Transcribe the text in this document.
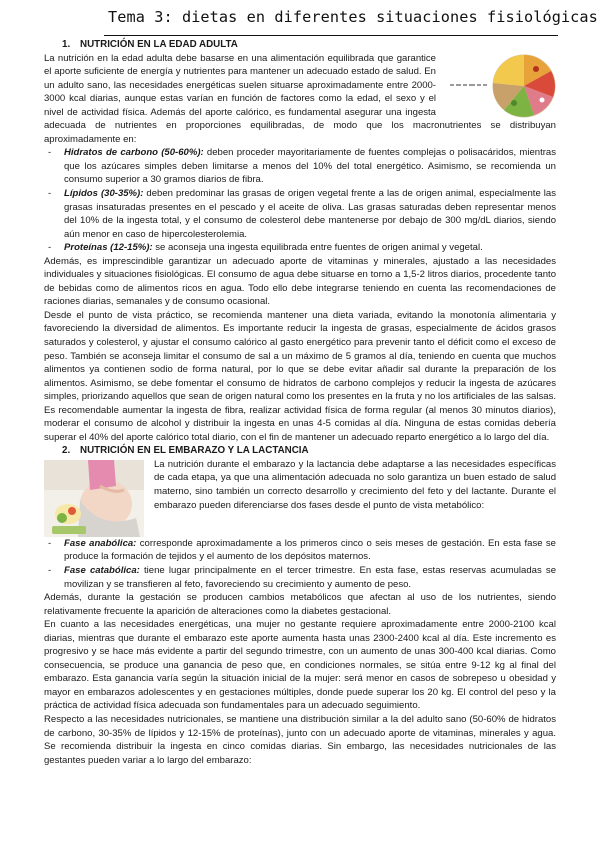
Tema 3: dietas en diferentes situaciones fisiológicas
1. NUTRICIÓN EN LA EDAD ADULTA

La nutrición en la edad adulta debe basarse en una alimentación equilibrada que garantice el aporte suficiente de energía y nutrientes para mantener un adecuado estado de salud. En un adulto sano, las necesidades energéticas suelen situarse aproximadamente entre 2000-3000 kcal diarias, aunque estas varían en función de factores como la edad, el sexo y el nivel de actividad física. Además del aporte calórico, es fundamental asegurar una ingesta adecuada de nutrientes en proporciones equilibradas, de modo que los macronutrientes se distribuyan aproximadamente en:

- Hidratos de carbono (50-60%): deben proceder mayoritariamente de fuentes complejas o polisacáridos, mientras que los azúcares simples deben limitarse a menos del 10% del total energético. Asimismo, se recomienda un consumo superior a 30 gramos diarios de fibra.
- Lípidos (30-35%): deben predominar las grasas de origen vegetal frente a las de origen animal, especialmente las grasas insaturadas presentes en el pescado y el aceite de oliva. Las grasas saturadas deben representar menos del 10% de la ingesta total, y el consumo de colesterol debe mantenerse por debajo de 300 mg/dL diarios, siendo aún menor en caso de hipercolesterolemia.
- Proteínas (12-15%): se aconseja una ingesta equilibrada entre fuentes de origen animal y vegetal.

Además, es imprescindible garantizar un adecuado aporte de vitaminas y minerales, ajustado a las necesidades individuales y situaciones fisiológicas. El consumo de agua debe situarse en torno a 1,5-2 litros diarios, procedente tanto de bebidas como de alimentos ricos en agua. Todo ello debe integrarse teniendo en cuenta las recomendaciones de raciones diarias, semanales y de consumo ocasional.

Desde el punto de vista práctico, se recomienda mantener una dieta variada, evitando la monotonía alimentaria y favoreciendo la diversidad de alimentos. Es importante reducir la ingesta de grasas, especialmente de ácidos grasos saturados y colesterol, y ajustar el consumo calórico al gasto energético para prevenir tanto el déficit como el exceso de peso. También se aconseja limitar el consumo de sal a un máximo de 5 gramos al día, teniendo en cuenta que muchos alimentos ya contienen sodio de forma natural, por lo que se debe evitar añadir sal durante la preparación de los alimentos. Asimismo, se debe fomentar el consumo de hidratos de carbono complejos y reducir la ingesta de azúcares simples, priorizando aquellos que sean de origen natural como los presentes en la fruta y no los artificiales de las salsas. Es recomendable aumentar la ingesta de fibra, realizar actividad física de forma regular (al menos 30 minutos diarios), moderar el consumo de alcohol y distribuir la ingesta en unas 4-5 comidas al día. Ninguna de estas comidas debería superar el 40% del aporte calórico total diario, con el fin de mantener un adecuado reparto energético a lo largo del día.

2. NUTRICIÓN EN EL EMBARAZO Y LA LACTANCIA

La nutrición durante el embarazo y la lactancia debe adaptarse a las necesidades específicas de cada etapa, ya que una alimentación adecuada no solo garantiza un buen estado de salud materno, sino también un correcto desarrollo y crecimiento del feto y del lactante. Durante el embarazo pueden diferenciarse dos fases desde el punto de vista metabólico:

- Fase anabólica: corresponde aproximadamente a los primeros cinco o seis meses de gestación. En esta fase se produce la formación de tejidos y el aumento de los depósitos maternos.
- Fase catabólica: tiene lugar principalmente en el tercer trimestre. En esta fase, estas reservas acumuladas se movilizan y se transfieren al feto, favoreciendo su crecimiento y aumento de peso.

Además, durante la gestación se producen cambios metabólicos que afectan al uso de los nutrientes, siendo relativamente frecuente la aparición de alteraciones como la diabetes gestacional.

En cuanto a las necesidades energéticas, una mujer no gestante requiere aproximadamente entre 2000-2100 kcal diarias, mientras que durante el embarazo este aporte aumenta hasta unas 2300-2400 kcal al día. Este incremento es progresivo y se hace más evidente a partir del segundo trimestre, con un aumento de unas 300-400 kcal diarias. Como consecuencia, se produce una ganancia de peso que, en condiciones normales, se sitúa entre 9-12 kg al final del embarazo. Esta ganancia varía según la situación inicial de la mujer: será menor en casos de sobrepeso u obesidad y mayor en embarazos adolescentes y en gestaciones múltiples, donde puede superar los 20 kg. El control del peso y la práctica de actividad física adecuada son fundamentales para un adecuado seguimiento.

Respecto a las necesidades nutricionales, se mantiene una distribución similar a la del adulto sano (50-60% de hidratos de carbono, 30-35% de lípidos y 12-15% de proteínas), junto con un adecuado aporte de vitaminas, minerales y agua. Se recomienda distribuir la ingesta en cinco comidas diarias. Sin embargo, las necesidades nutricionales de las gestantes pueden variar a lo largo del embarazo:
